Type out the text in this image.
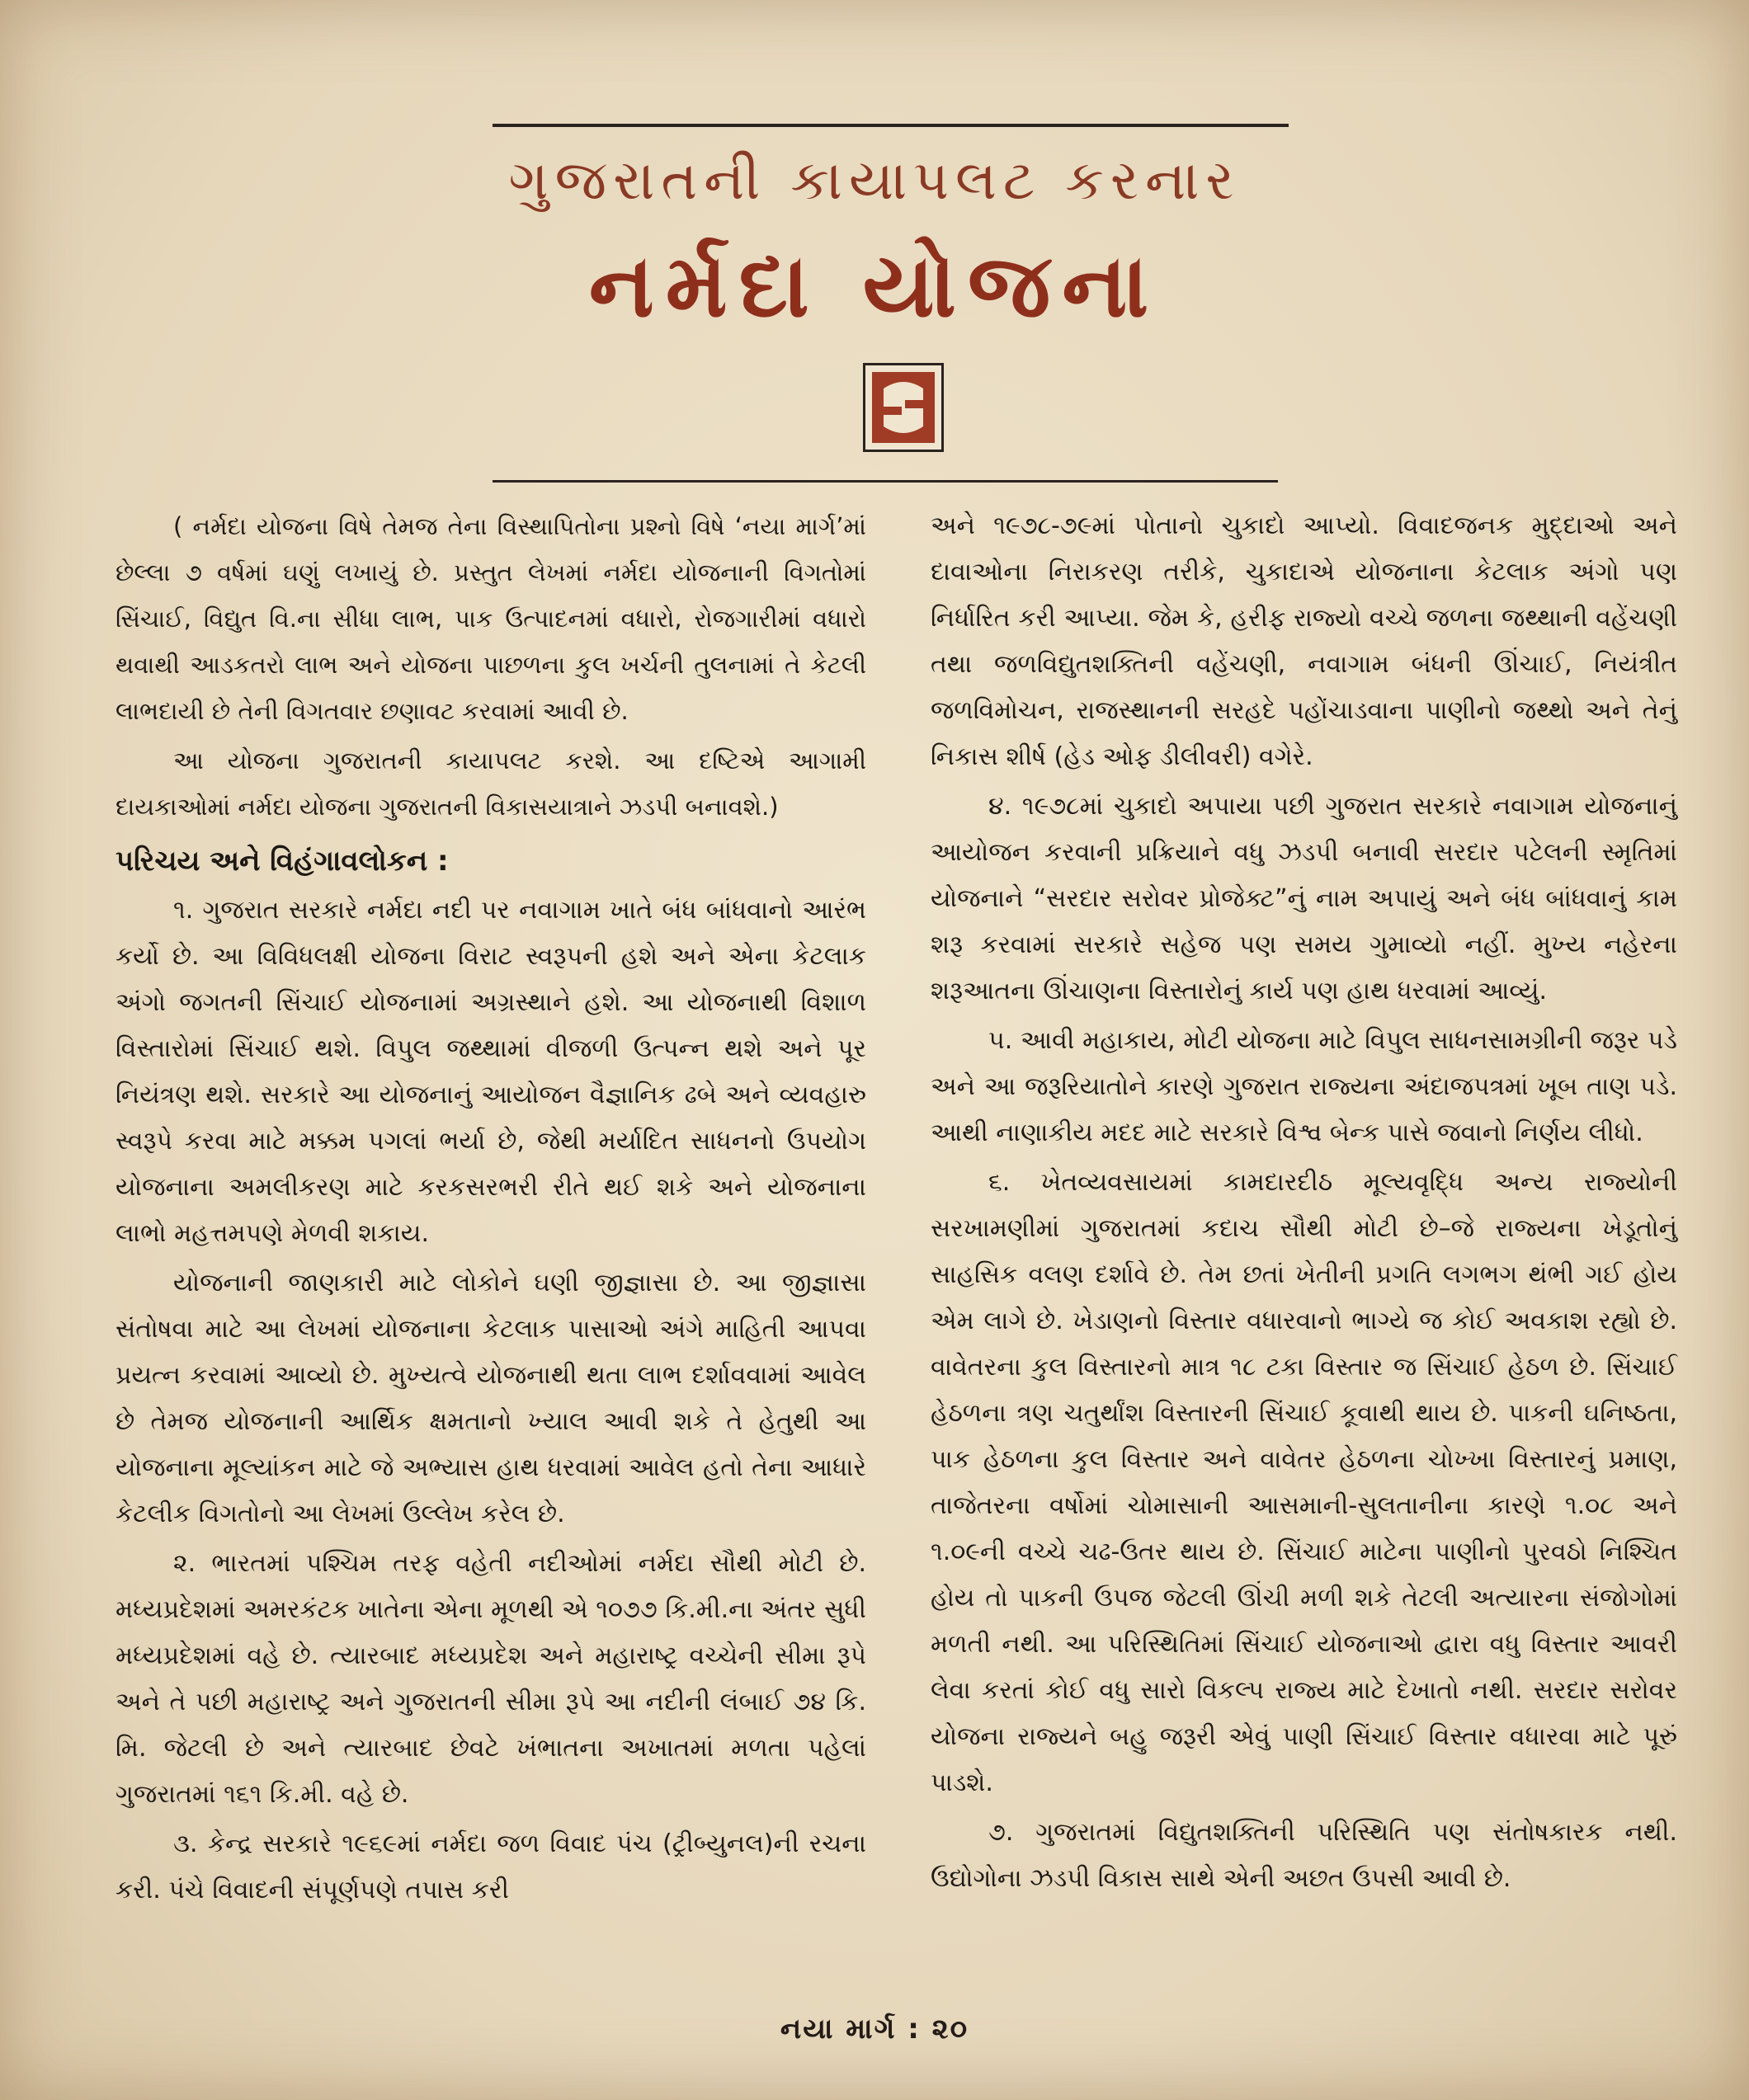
ગુજરાતની કાયાપલટ કરનાર
નર્મદા યોજના

( નર્મદા યોજના વિષે તેમજ તેના વિસ્થાપિતોના પ્રશ્નો વિષે ‘નયા માર્ગ’માં છેલ્લા ૭ વર્ષમાં ઘણું લખાયું છે. પ્રસ્તુત લેખમાં નર્મદા યોજનાની વિગતોમાં સિંચાઈ, વિદ્યુત વિ.ના સીધા લાભ, પાક ઉત્પાદનમાં વધારો, રોજગારીમાં વધારો થવાથી આડકતરો લાભ અને યોજના પાછળના કુલ ખર્ચની તુલનામાં તે કેટલી લાભદાયી છે તેની વિગતવાર છણાવટ કરવામાં આવી છે.

આ યોજના ગુજરાતની કાયાપલટ કરશે. આ દષ્ટિએ આગામી દાયકાઓમાં નર્મદા યોજના ગુજરાતની વિકાસયાત્રાને ઝડપી બનાવશે.)

પરિચય અને વિહંગાવલોકન :

૧. ગુજરાત સરકારે નર્મદા નદી પર નવાગામ ખાતે બંધ બાંધવાનો આરંભ કર્યો છે. આ વિવિધલક્ષી યોજના વિરાટ સ્વરૂપની હશે અને એના કેટલાક અંગો જગતની સિંચાઈ યોજનામાં અગ્રસ્થાને હશે. આ યોજનાથી વિશાળ વિસ્તારોમાં સિંચાઈ થશે. વિપુલ જથ્થામાં વીજળી ઉત્પન્ન થશે અને પૂર નિયંત્રણ થશે. સરકારે આ યોજનાનું આયોજન વૈજ્ઞાનિક ઢબે અને વ્યવહારુ સ્વરૂપે કરવા માટે મક્કમ પગલાં ભર્યા છે, જેથી મર્યાદિત સાધનનો ઉપયોગ યોજનાના અમલીકરણ માટે કરકસરભરી રીતે થઈ શકે અને યોજનાના લાભો મહત્તમપણે મેળવી શકાય.

યોજનાની જાણકારી માટે લોકોને ઘણી જીજ્ઞાસા છે. આ જીજ્ઞાસા સંતોષવા માટે આ લેખમાં યોજનાના કેટલાક પાસાઓ અંગે માહિતી આપવા પ્રયત્ન કરવામાં આવ્યો છે. મુખ્યત્વે યોજનાથી થતા લાભ દર્શાવવામાં આવેલ છે તેમજ યોજનાની આર્થિક ક્ષમતાનો ખ્યાલ આવી શકે તે હેતુથી આ યોજનાના મૂલ્યાંકન માટે જે અભ્યાસ હાથ ધરવામાં આવેલ હતો તેના આધારે કેટલીક વિગતોનો આ લેખમાં ઉલ્લેખ કરેલ છે.

૨. ભારતમાં પશ્ચિમ તરફ વહેતી નદીઓમાં નર્મદા સૌથી મોટી છે. મધ્યપ્રદેશમાં અમરકંટક ખાતેના એના મૂળથી એ ૧૦૭૭ કિ.મી.ના અંતર સુધી મધ્યપ્રદેશમાં વહે છે. ત્યારબાદ મધ્યપ્રદેશ અને મહારાષ્ટ્ર વચ્ચેની સીમા રૂપે અને તે પછી મહારાષ્ટ્ર અને ગુજરાતની સીમા રૂપે આ નદીની લંબાઈ ૭૪ કિ. મિ. જેટલી છે અને ત્યારબાદ છેવટે ખંભાતના અખાતમાં મળતા પહેલાં ગુજરાતમાં ૧૬૧ કિ.મી. વહે છે.

૩. કેન્દ્ર સરકારે ૧૯૬૯માં નર્મદા જળ વિવાદ પંચ (ટ્રીબ્યુનલ)ની રચના કરી. પંચે વિવાદની સંપૂર્ણપણે તપાસ કરી

અને ૧૯૭૮-૭૯માં પોતાનો ચુકાદો આપ્યો. વિવાદજનક મુદ્દાઓ અને દાવાઓના નિરાકરણ તરીકે, ચુકાદાએ યોજનાના કેટલાક અંગો પણ નિર્ધારિત કરી આપ્યા. જેમ કે, હરીફ રાજ્યો વચ્ચે જળના જથ્થાની વહેંચણી તથા જળવિદ્યુતશક્તિની વહેંચણી, નવાગામ બંધની ઊંચાઈ, નિયંત્રીત જળવિમોચન, રાજસ્થાનની સરહદે પહોંચાડવાના પાણીનો જથ્થો અને તેનું નિકાસ શીર્ષ (હેડ ઓફ ડીલીવરી) વગેરે.

૪. ૧૯૭૮માં ચુકાદો અપાયા પછી ગુજરાત સરકારે નવાગામ યોજનાનું આયોજન કરવાની પ્રક્રિયાને વધુ ઝડપી બનાવી સરદાર પટેલની સ્મૃતિમાં યોજનાને “સરદાર સરોવર પ્રોજેક્ટ”નું નામ અપાયું અને બંધ બાંધવાનું કામ શરૂ કરવામાં સરકારે સહેજ પણ સમય ગુમાવ્યો નહીં. મુખ્ય નહેરના શરૂઆતના ઊંચાણના વિસ્તારોનું કાર્ય પણ હાથ ધરવામાં આવ્યું.

૫. આવી મહાકાય, મોટી યોજના માટે વિપુલ સાધનસામગ્રીની જરૂર પડે અને આ જરૂરિયાતોને કારણે ગુજરાત રાજ્યના અંદાજપત્રમાં ખૂબ તાણ પડે. આથી નાણાકીય મદદ માટે સરકારે વિશ્વ બેન્ક પાસે જવાનો નિર્ણય લીધો.

૬. ખેતવ્યવસાયમાં કામદારદીઠ મૂલ્યવૃદ્ધિ અન્ય રાજ્યોની સરખામણીમાં ગુજરાતમાં કદાચ સૌથી મોટી છે–જે રાજ્યના ખેડૂતોનું સાહસિક વલણ દર્શાવે છે. તેમ છતાં ખેતીની પ્રગતિ લગભગ થંભી ગઈ હોય એમ લાગે છે. ખેડાણનો વિસ્તાર વધારવાનો ભાગ્યે જ કોઈ અવકાશ રહ્યો છે. વાવેતરના કુલ વિસ્તારનો માત્ર ૧૮ ટકા વિસ્તાર જ સિંચાઈ હેઠળ છે. સિંચાઈ હેઠળના ત્રણ ચતુર્થાંશ વિસ્તારની સિંચાઈ કૂવાથી થાય છે. પાકની ઘનિષ્ઠતા, પાક હેઠળના કુલ વિસ્તાર અને વાવેતર હેઠળના ચોખ્ખા વિસ્તારનું પ્રમાણ, તાજેતરના વર્ષોમાં ચોમાસાની આસમાની-સુલતાનીના કારણે ૧.૦૮ અને ૧.૦૯ની વચ્ચે ચઢ-ઉતર થાય છે. સિંચાઈ માટેના પાણીનો પુરવઠો નિશ્ચિત હોય તો પાકની ઉપજ જેટલી ઊંચી મળી શકે તેટલી અત્યારના સંજોગોમાં મળતી નથી. આ પરિસ્થિતિમાં સિંચાઈ યોજનાઓ દ્વારા વધુ વિસ્તાર આવરી લેવા કરતાં કોઈ વધુ સારો વિકલ્પ રાજ્ય માટે દેખાતો નથી. સરદાર સરોવર યોજના રાજ્યને બહુ જરૂરી એવું પાણી સિંચાઈ વિસ્તાર વધારવા માટે પૂરું પાડશે.

૭. ગુજરાતમાં વિદ્યુતશક્તિની પરિસ્થિતિ પણ સંતોષકારક નથી. ઉદ્યોગોના ઝડપી વિકાસ સાથે એની અછત ઉપસી આવી છે.

નયા માર્ગ : ૨૦
